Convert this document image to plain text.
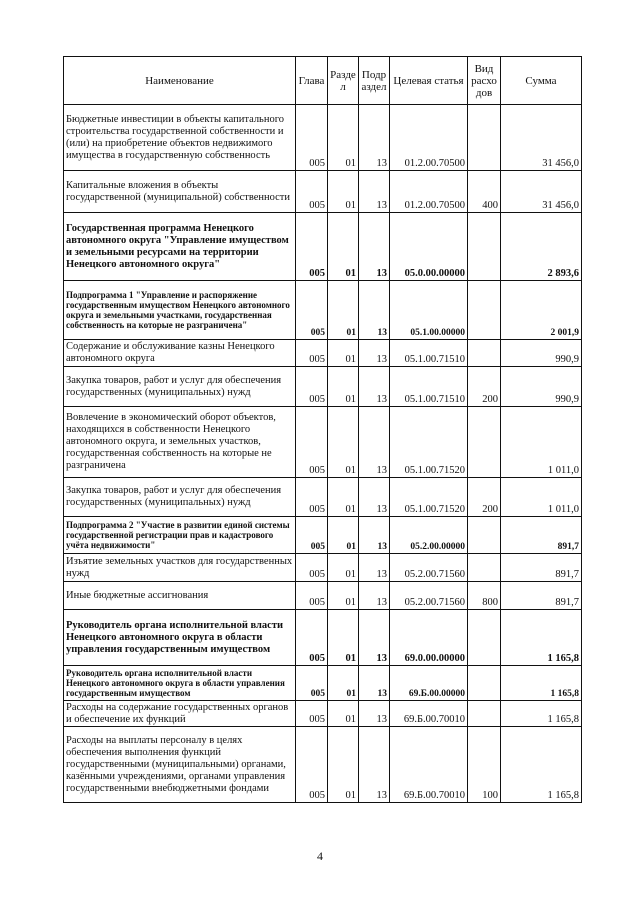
Наименование	Глава	Разде л	Подр аздел	Целевая статья	Вид расхо дов	Сумма
Бюджетные инвестиции в объекты капитального строительства государственной собственности и (или) на приобретение объектов недвижимого имущества в государственную собственность	005	01	13	01.2.00.70500		31 456,0
Капитальные вложения в объекты государственной (муниципальной) собственности	005	01	13	01.2.00.70500	400	31 456,0
Государственная программа Ненецкого автономного округа "Управление имуществом и земельными ресурсами на территории Ненецкого автономного округа"	005	01	13	05.0.00.00000		2 893,6
Подпрограмма 1 "Управление и распоряжение государственным имуществом Ненецкого автономного округа и земельными участками, государственная собственность на которые не разграничена"	005	01	13	05.1.00.00000		2 001,9
Содержание и обслуживание казны Ненецкого автономного округа	005	01	13	05.1.00.71510		990,9
Закупка товаров, работ и услуг для обеспечения государственных (муниципальных) нужд	005	01	13	05.1.00.71510	200	990,9
Вовлечение в экономический оборот объектов, находящихся в собственности Ненецкого автономного округа, и земельных участков, государственная собственность на которые не разграничена	005	01	13	05.1.00.71520		1 011,0
Закупка товаров, работ и услуг для обеспечения государственных (муниципальных) нужд	005	01	13	05.1.00.71520	200	1 011,0
Подпрограмма 2 "Участие в развитии единой системы государственной регистрации прав и кадастрового учёта недвижимости"	005	01	13	05.2.00.00000		891,7
Изъятие земельных участков для государственных нужд	005	01	13	05.2.00.71560		891,7
Иные бюджетные ассигнования	005	01	13	05.2.00.71560	800	891,7
Руководитель органа исполнительной власти Ненецкого автономного округа в области управления государственным имуществом	005	01	13	69.0.00.00000		1 165,8
Руководитель органа исполнительной власти Ненецкого автономного округа в области управления государственным имуществом	005	01	13	69.Б.00.00000		1 165,8
Расходы на содержание государственных органов и обеспечение их функций	005	01	13	69.Б.00.70010		1 165,8
Расходы на выплаты персоналу в целях обеспечения выполнения функций государственными (муниципальными) органами, казёнными учреждениями, органами управления государственными внебюджетными фондами	005	01	13	69.Б.00.70010	100	1 165,8
4
